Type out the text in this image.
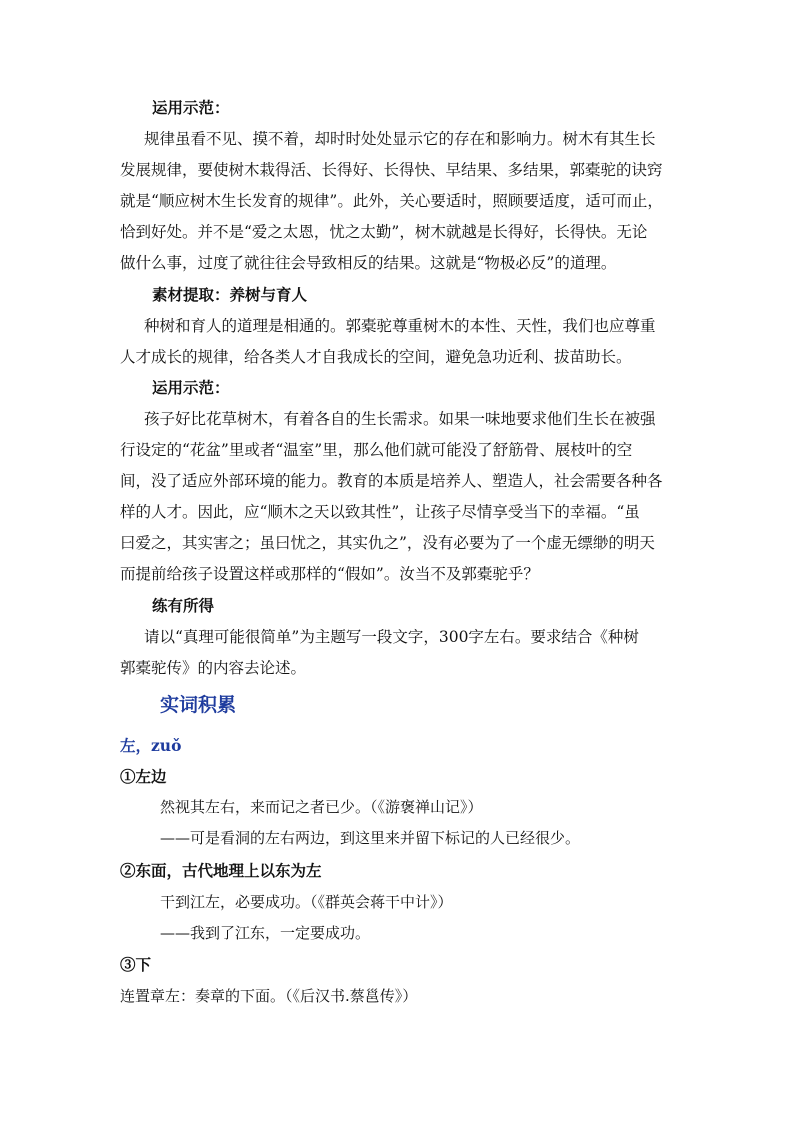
运用示范：
规律虽看不见、摸不着，却时时处处显示它的存在和影响力。树木有其生长
发展规律，要使树木栽得活、长得好、长得快、早结果、多结果，郭橐驼的诀窍
就是“顺应树木生长发育的规律”。此外，关心要适时，照顾要适度，适可而止，
恰到好处。并不是“爱之太恩，忧之太勤”，树木就越是长得好，长得快。无论
做什么事，过度了就往往会导致相反的结果。这就是“物极必反”的道理。
素材提取：养树与育人
种树和育人的道理是相通的。郭橐驼尊重树木的本性、天性，我们也应尊重
人才成长的规律，给各类人才自我成长的空间，避免急功近利、拔苗助长。
运用示范：
孩子好比花草树木，有着各自的生长需求。如果一味地要求他们生长在被强
行设定的“花盆”里或者“温室”里，那么他们就可能没了舒筋骨、展枝叶的空
间，没了适应外部环境的能力。教育的本质是培养人、塑造人，社会需要各种各
样的人才。因此，应“顺木之天以致其性”，让孩子尽情享受当下的幸福。“虽
曰爱之，其实害之；虽曰忧之，其实仇之”，没有必要为了一个虚无缥缈的明天
而提前给孩子设置这样或那样的“假如”。汝当不及郭橐驼乎？
练有所得
请以“真理可能很简单”为主题写一段文字，300字左右。要求结合《种树
郭橐驼传》的内容去论述。
实词积累
左，zuǒ
①左边
然视其左右，来而记之者已少。（《游褒禅山记》）
——可是看洞的左右两边，到这里来并留下标记的人已经很少。
②东面，古代地理上以东为左
干到江左，必要成功。（《群英会蒋干中计》）
——我到了江东，一定要成功。
③下
连置章左：奏章的下面。（《后汉书.蔡邕传》）
